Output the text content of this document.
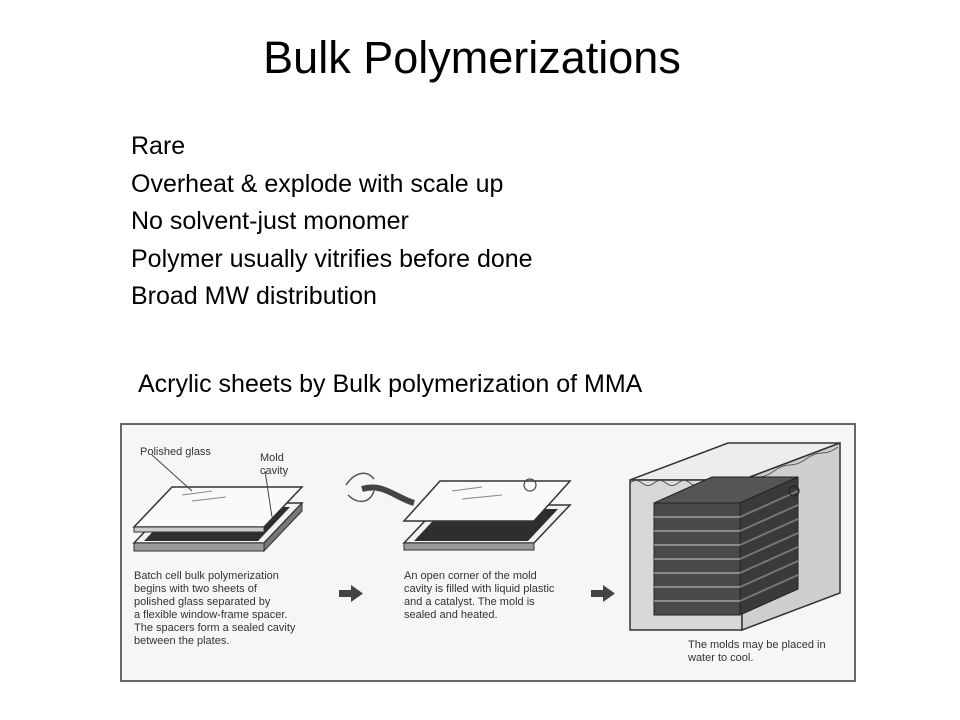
Bulk Polymerizations
Rare
Overheat & explode with scale up
No solvent-just monomer
Polymer usually vitrifies before done
Broad MW distribution
Acrylic sheets by Bulk polymerization of MMA
Polished glass	Mold
cavity
Batch cell bulk polymerization
begins with two sheets of
polished glass separated by
a flexible window-frame spacer.
The spacers form a sealed cavity
between the plates.
An open corner of the mold
cavity is filled with liquid plastic
and a catalyst. The mold is
sealed and heated.
The molds may be placed in
water to cool.
